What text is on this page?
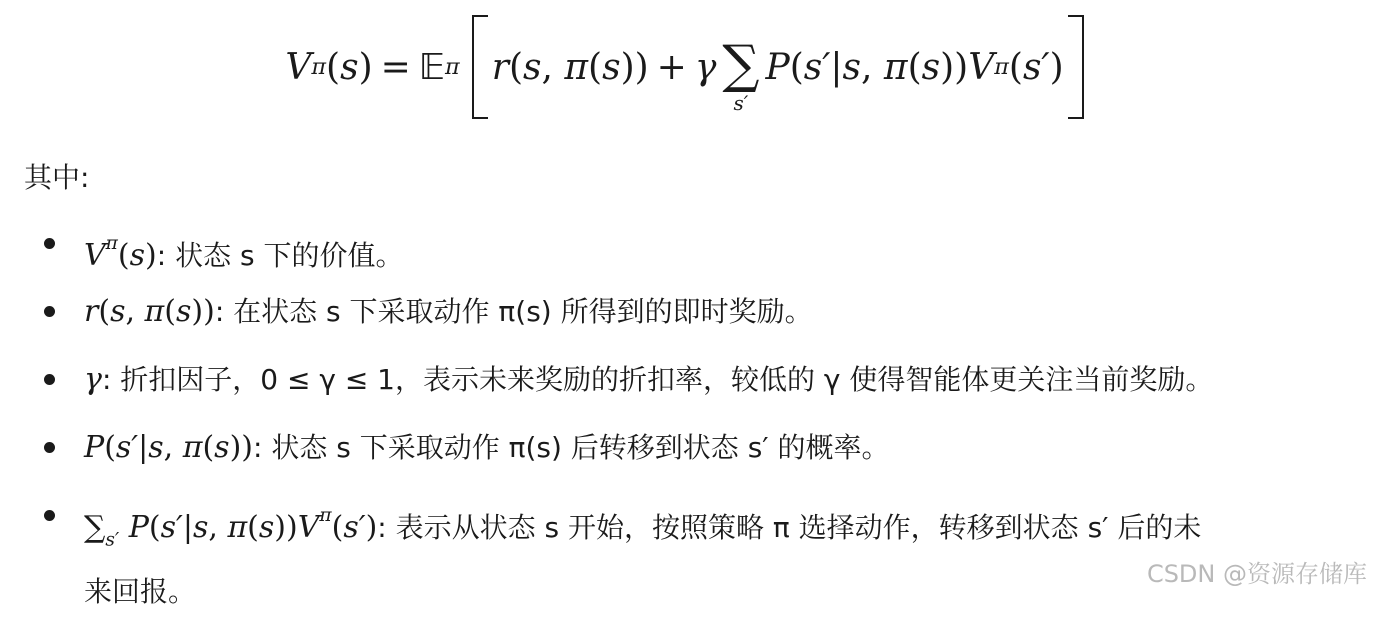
V π ( s ) = 𝔼 π r ( s , π ( s )) + γ ∑
s′
P ( s′ | s , π ( s )) V π ( s′ )
其中:
$V^\pi(s)$: 状态 s 下的价值。
r(s, π(s)): 在状态 s 下采取动作 π(s) 所得到的即时奖励。
γ: 折扣因子，0 ≤ γ ≤ 1，表示未来奖励的折扣率，较低的 γ 使得智能体更关注当前奖励。
P(s′|s, π(s)): 状态 s 下采取动作 π(s) 后转移到状态 s′ 的概率。
$\sum_{s'}$ P(s′|s, $\pi(s))V^\pi(s')$: 表示从状态 s 开始，按照策略 π 选择动作，转移到状态 s′ 后的未
来回报。
CSDN @资源存储库
